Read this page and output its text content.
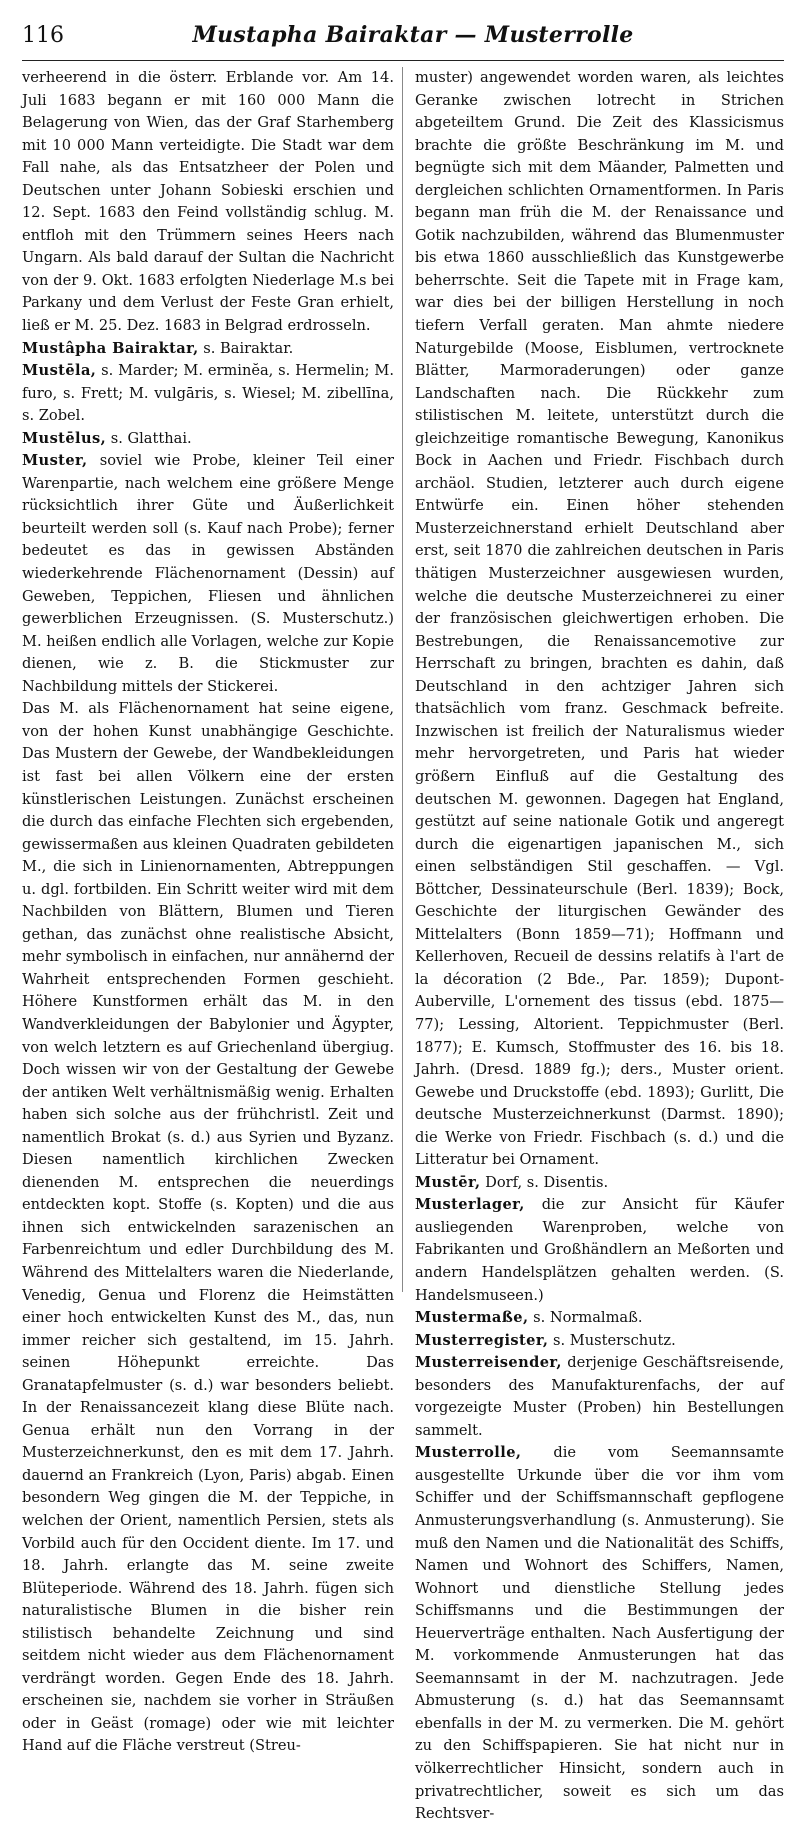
116	Mustapha Bairaktar — Musterrolle

verheerend in die österr. Erblande vor. Am 14. Juli 1683 begann er mit 160 000 Mann die Belagerung von Wien, das der Graf Starhemberg mit 10 000 Mann verteidigte. Die Stadt war dem Fall nahe, als das Entsatzheer der Polen und Deutschen unter Johann Sobieski erschien und 12. Sept. 1683 den Feind vollständig schlug. M. entfloh mit den Trümmern seines Heers nach Ungarn. Als bald darauf der Sultan die Nachricht von der 9. Okt. 1683 erfolgten Niederlage M.s bei Parkany und dem Verlust der Feste Gran erhielt, ließ er M. 25. Dez. 1683 in Belgrad erdrosseln.

Mustâpha Bairaktar, s. Bairaktar.

Mustēla, s. Marder; M. erminĕa, s. Hermelin; M. furo, s. Frett; M. vulgāris, s. Wiesel; M. zibellīna, s. Zobel.

Mustēlus, s. Glatthai.

Muster, soviel wie Probe, kleiner Teil einer Warenpartie, nach welchem eine größere Menge rücksichtlich ihrer Güte und Äußerlichkeit beurteilt werden soll (s. Kauf nach Probe); ferner bedeutet es das in gewissen Abständen wiederkehrende Flächenornament (Dessin) auf Geweben, Teppichen, Fliesen und ähnlichen gewerblichen Erzeugnissen. (S. Musterschutz.) M. heißen endlich alle Vorlagen, welche zur Kopie dienen, wie z. B. die Stickmuster zur Nachbildung mittels der Stickerei.

Das M. als Flächenornament hat seine eigene, von der hohen Kunst unabhängige Geschichte. Das Mustern der Gewebe, der Wandbekleidungen ist fast bei allen Völkern eine der ersten künstlerischen Leistungen. Zunächst erscheinen die durch das einfache Flechten sich ergebenden, gewissermaßen aus kleinen Quadraten gebildeten M., die sich in Linienornamenten, Abtreppungen u. dgl. fortbilden. Ein Schritt weiter wird mit dem Nachbilden von Blättern, Blumen und Tieren gethan, das zunächst ohne realistische Absicht, mehr symbolisch in einfachen, nur annähernd der Wahrheit entsprechenden Formen geschieht. Höhere Kunstformen erhält das M. in den Wandverkleidungen der Babylonier und Ägypter, von welch letztern es auf Griechenland übergiug. Doch wissen wir von der Gestaltung der Gewebe der antiken Welt verhältnismäßig wenig. Erhalten haben sich solche aus der frühchristl. Zeit und namentlich Brokat (s. d.) aus Syrien und Byzanz. Diesen namentlich kirchlichen Zwecken dienenden M. entsprechen die neuerdings entdeckten kopt. Stoffe (s. Kopten) und die aus ihnen sich entwickelnden sarazenischen an Farbenreichtum und edler Durchbildung des M. Während des Mittelalters waren die Niederlande, Venedig, Genua und Florenz die Heimstätten einer hoch entwickelten Kunst des M., das, nun immer reicher sich gestaltend, im 15. Jahrh. seinen Höhepunkt erreichte. Das Granatapfelmuster (s. d.) war besonders beliebt. In der Renaissancezeit klang diese Blüte nach. Genua erhält nun den Vorrang in der Musterzeichnerkunst, den es mit dem 17. Jahrh. dauernd an Frankreich (Lyon, Paris) abgab. Einen besondern Weg gingen die M. der Teppiche, in welchen der Orient, namentlich Persien, stets als Vorbild auch für den Occident diente. Im 17. und 18. Jahrh. erlangte das M. seine zweite Blüteperiode. Während des 18. Jahrh. fügen sich naturalistische Blumen in die bisher rein stilistisch behandelte Zeichnung und sind seitdem nicht wieder aus dem Flächenornament verdrängt worden. Gegen Ende des 18. Jahrh. erscheinen sie, nachdem sie vorher in Sträußen oder in Geäst (romage) oder wie mit leichter Hand auf die Fläche verstreut (Streu-

muster) angewendet worden waren, als leichtes Geranke zwischen lotrecht in Strichen abgeteiltem Grund. Die Zeit des Klassicismus brachte die größte Beschränkung im M. und begnügte sich mit dem Mäander, Palmetten und dergleichen schlichten Ornamentformen. In Paris begann man früh die M. der Renaissance und Gotik nachzubilden, während das Blumenmuster bis etwa 1860 ausschließlich das Kunstgewerbe beherrschte. Seit die Tapete mit in Frage kam, war dies bei der billigen Herstellung in noch tiefern Verfall geraten. Man ahmte niedere Naturgebilde (Moose, Eisblumen, vertrocknete Blätter, Marmoraderungen) oder ganze Landschaften nach. Die Rückkehr zum stilistischen M. leitete, unterstützt durch die gleichzeitige romantische Bewegung, Kanonikus Bock in Aachen und Friedr. Fischbach durch archäol. Studien, letzterer auch durch eigene Entwürfe ein. Einen höher stehenden Musterzeichnerstand erhielt Deutschland aber erst, seit 1870 die zahlreichen deutschen in Paris thätigen Musterzeichner ausgewiesen wurden, welche die deutsche Musterzeichnerei zu einer der französischen gleichwertigen erhoben. Die Bestrebungen, die Renaissancemotive zur Herrschaft zu bringen, brachten es dahin, daß Deutschland in den achtziger Jahren sich thatsächlich vom franz. Geschmack befreite. Inzwischen ist freilich der Naturalismus wieder mehr hervorgetreten, und Paris hat wieder größern Einfluß auf die Gestaltung des deutschen M. gewonnen. Dagegen hat England, gestützt auf seine nationale Gotik und angeregt durch die eigenartigen japanischen M., sich einen selbständigen Stil geschaffen. — Vgl. Böttcher, Dessinateurschule (Berl. 1839); Bock, Geschichte der liturgischen Gewänder des Mittelalters (Bonn 1859—71); Hoffmann und Kellerhoven, Recueil de dessins relatifs à l'art de la décoration (2 Bde., Par. 1859); Dupont-Auberville, L'ornement des tissus (ebd. 1875—77); Lessing, Altorient. Teppichmuster (Berl. 1877); E. Kumsch, Stoffmuster des 16. bis 18. Jahrh. (Dresd. 1889 fg.); ders., Muster orient. Gewebe und Druckstoffe (ebd. 1893); Gurlitt, Die deutsche Musterzeichnerkunst (Darmst. 1890); die Werke von Friedr. Fischbach (s. d.) und die Litteratur bei Ornament.

Mustēr, Dorf, s. Disentis.

Musterlager, die zur Ansicht für Käufer ausliegenden Warenproben, welche von Fabrikanten und Großhändlern an Meßorten und andern Handelsplätzen gehalten werden. (S. Handelsmuseen.)

Mustermaße, s. Normalmaß.

Musterregister, s. Musterschutz.

Musterreisender, derjenige Geschäftsreisende, besonders des Manufakturenfachs, der auf vorgezeigte Muster (Proben) hin Bestellungen sammelt.

Musterrolle, die vom Seemannsamte ausgestellte Urkunde über die vor ihm vom Schiffer und der Schiffsmannschaft gepflogene Anmusterungsverhandlung (s. Anmusterung). Sie muß den Namen und die Nationalität des Schiffs, Namen und Wohnort des Schiffers, Namen, Wohnort und dienstliche Stellung jedes Schiffsmanns und die Bestimmungen der Heuerverträge enthalten. Nach Ausfertigung der M. vorkommende Anmusterungen hat das Seemannsamt in der M. nachzutragen. Jede Abmusterung (s. d.) hat das Seemannsamt ebenfalls in der M. zu vermerken. Die M. gehört zu den Schiffspapieren. Sie hat nicht nur in völkerrechtlicher Hinsicht, sondern auch in privatrechtlicher, soweit es sich um das Rechtsver-
